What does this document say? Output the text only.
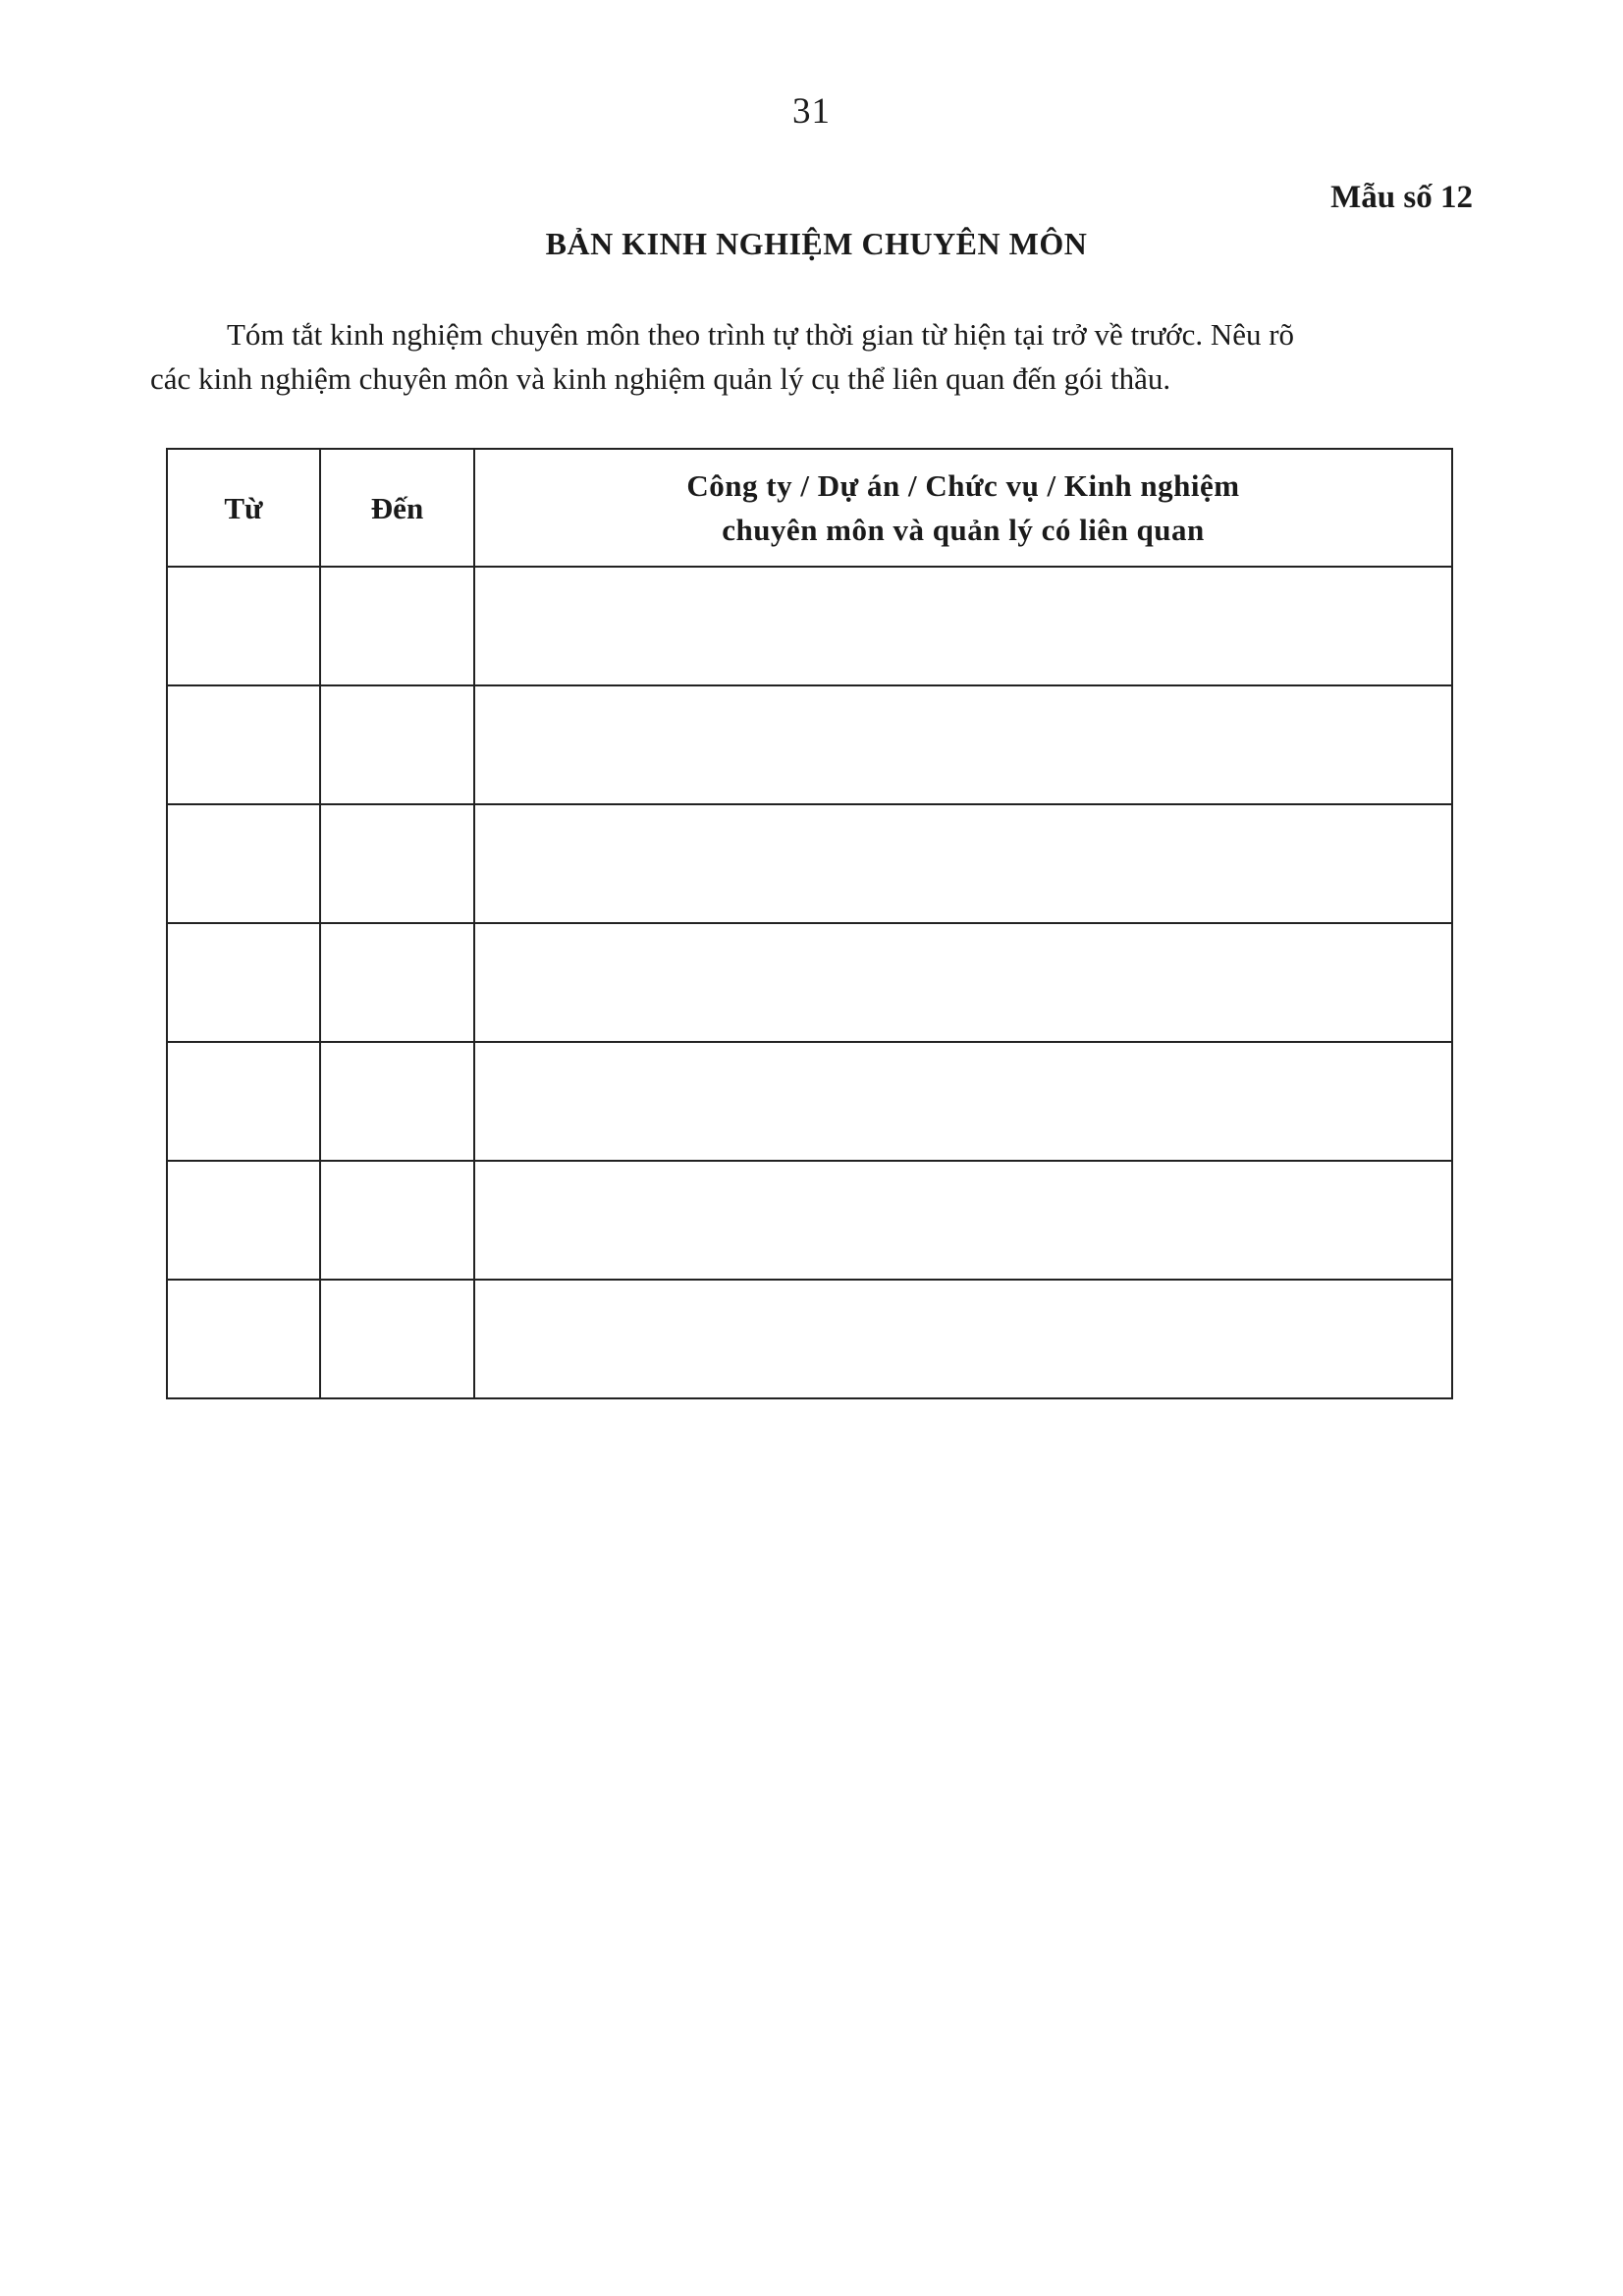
31
Mẫu số 12
BẢN KINH NGHIỆM CHUYÊN MÔN
Tóm tắt kinh nghiệm chuyên môn theo trình tự thời gian từ hiện tại trở về trước. Nêu rõ
các kinh nghiệm chuyên môn và kinh nghiệm quản lý cụ thể liên quan đến gói thầu.
Từ	Đến	Công ty / Dự án / Chức vụ / Kinh nghiệm
chuyên môn và quản lý có liên quan
